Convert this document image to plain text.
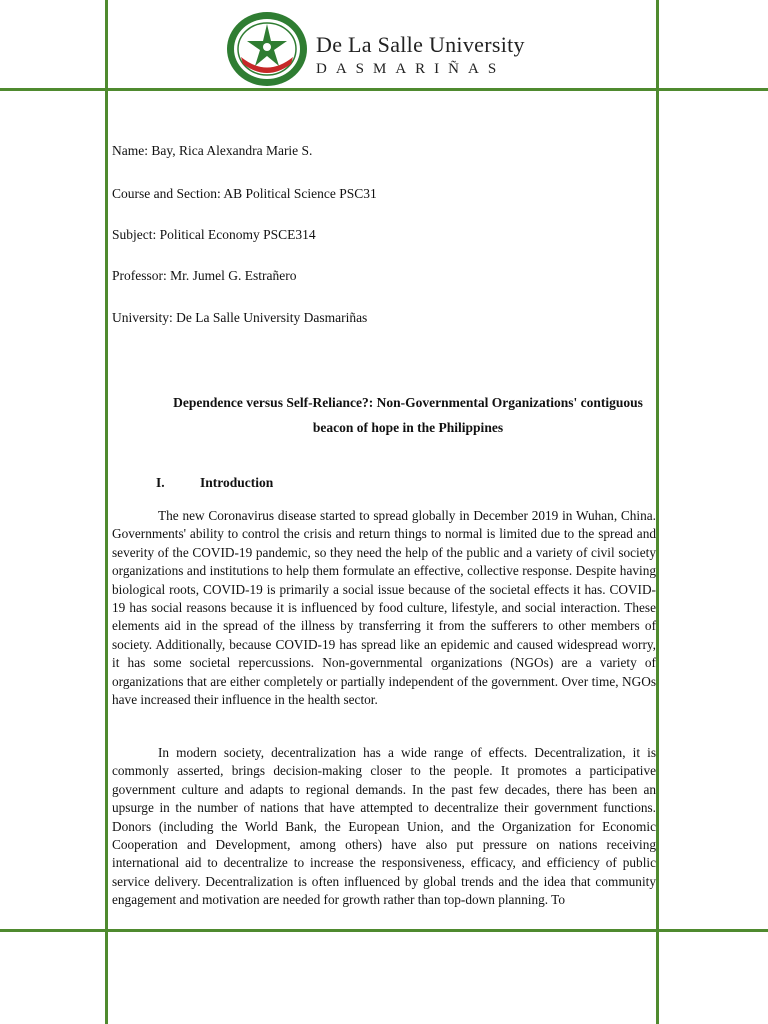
De La Salle University
DASMARIÑAS
Name: Bay, Rica Alexandra Marie S.
Course and Section: AB Political Science PSC31
Subject: Political Economy PSCE314
Professor: Mr. Jumel G. Estrañero
University: De La Salle University Dasmariñas
Dependence versus Self-Reliance?: Non-Governmental Organizations' contiguous
beacon of hope in the Philippines
I.	Introduction

The new Coronavirus disease started to spread globally in December 2019 in Wuhan, China. Governments' ability to control the crisis and return things to normal is limited due to the spread and severity of the COVID-19 pandemic, so they need the help of the public and a variety of civil society organizations and institutions to help them formulate an effective, collective response. Despite having biological roots, COVID-19 is primarily a social issue because of the societal effects it has. COVID-19 has social reasons because it is influenced by food culture, lifestyle, and social interaction. These elements aid in the spread of the illness by transferring it from the sufferers to other members of society. Additionally, because COVID-19 has spread like an epidemic and caused widespread worry, it has some societal repercussions. Non-governmental organizations (NGOs) are a variety of organizations that are either completely or partially independent of the government. Over time, NGOs have increased their influence in the health sector.

In modern society, decentralization has a wide range of effects. Decentralization, it is commonly asserted, brings decision-making closer to the people. It promotes a participative government culture and adapts to regional demands. In the past few decades, there has been an upsurge in the number of nations that have attempted to decentralize their government functions. Donors (including the World Bank, the European Union, and the Organization for Economic Cooperation and Development, among others) have also put pressure on nations receiving international aid to decentralize to increase the responsiveness, efficacy, and efficiency of public service delivery. Decentralization is often influenced by global trends and the idea that community engagement and motivation are needed for growth rather than top-down planning. To
